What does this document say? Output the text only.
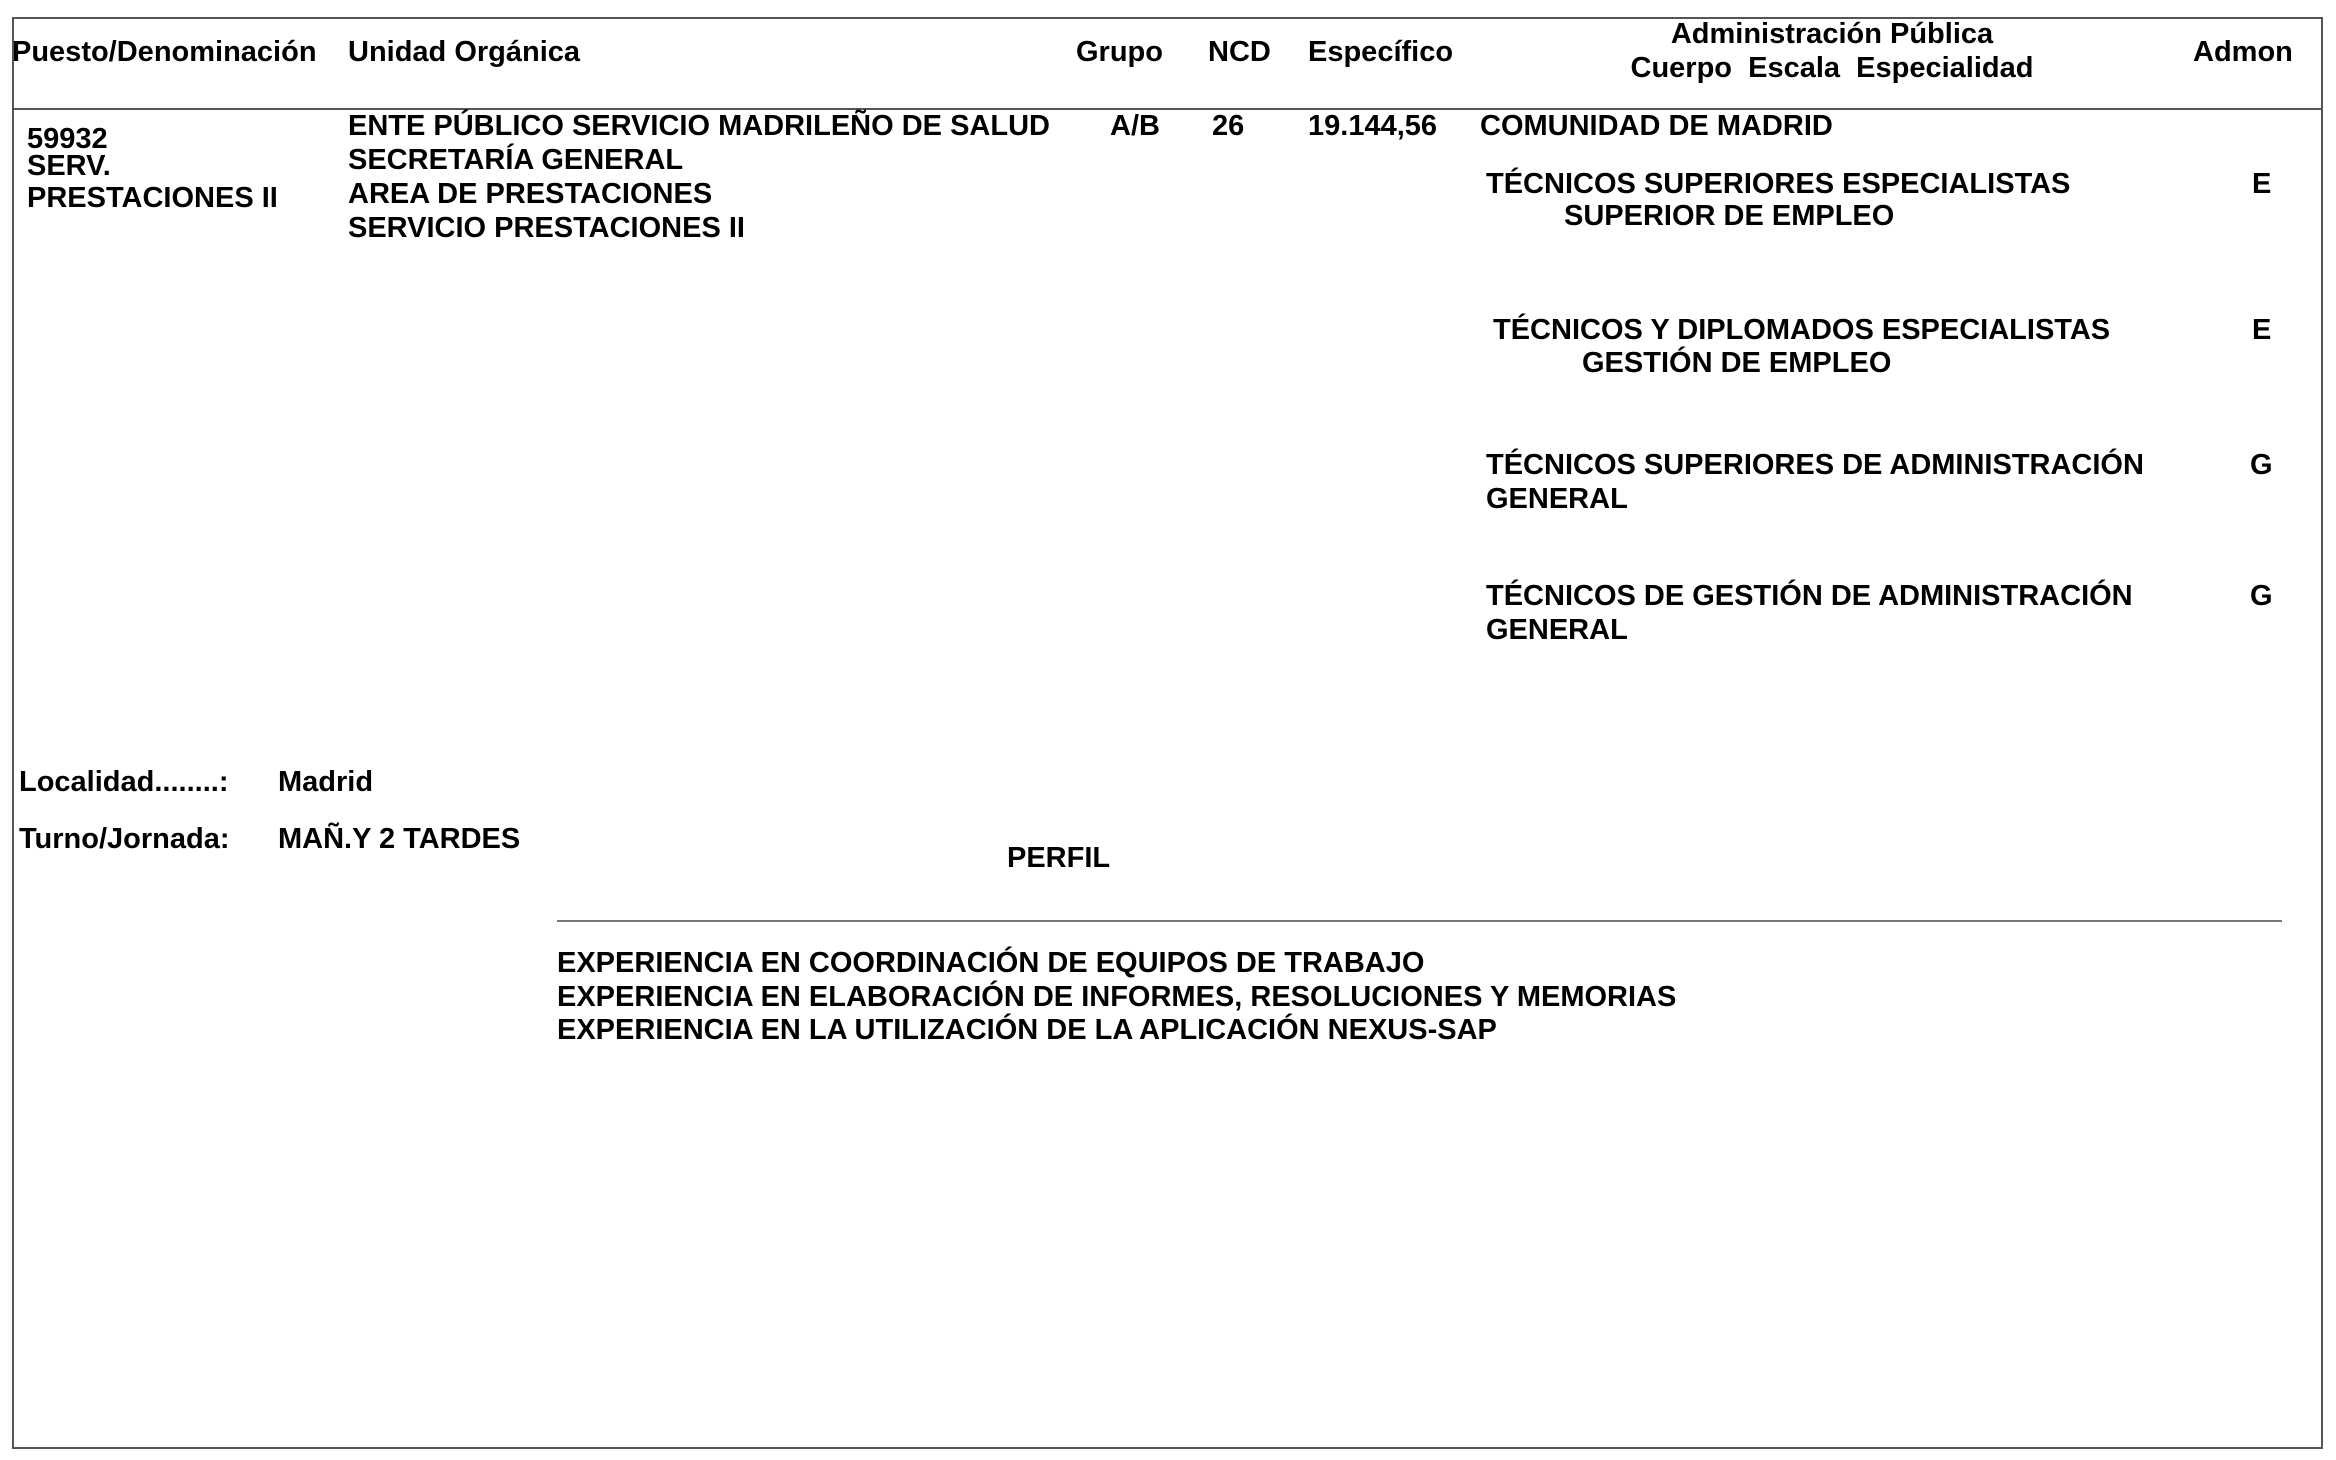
Puesto/Denominación Unidad Orgánica	Grupo NCD Específico
Administración Pública
Cuerpo  Escala  Especialidad	Admon
59932
SERV.
PRESTACIONES II
ENTE PÚBLICO SERVICIO MADRILEÑO DE SALUD
SECRETARÍA GENERAL
AREA DE PRESTACIONES
SERVICIO PRESTACIONES II
A/B 26 19.144,56 COMUNIDAD DE MADRID
TÉCNICOS SUPERIORES ESPECIALISTAS
SUPERIOR DE EMPLEO
E
TÉCNICOS Y DIPLOMADOS ESPECIALISTAS
GESTIÓN DE EMPLEO
E
TÉCNICOS SUPERIORES DE ADMINISTRACIÓN
GENERAL
G
TÉCNICOS DE GESTIÓN DE ADMINISTRACIÓN
GENERAL
G
Localidad........: Madrid
Turno/Jornada: MAÑ.Y 2 TARDES
PERFIL
EXPERIENCIA EN COORDINACIÓN DE EQUIPOS DE TRABAJO
EXPERIENCIA EN ELABORACIÓN DE INFORMES, RESOLUCIONES Y MEMORIAS
EXPERIENCIA EN LA UTILIZACIÓN DE LA APLICACIÓN NEXUS-SAP
